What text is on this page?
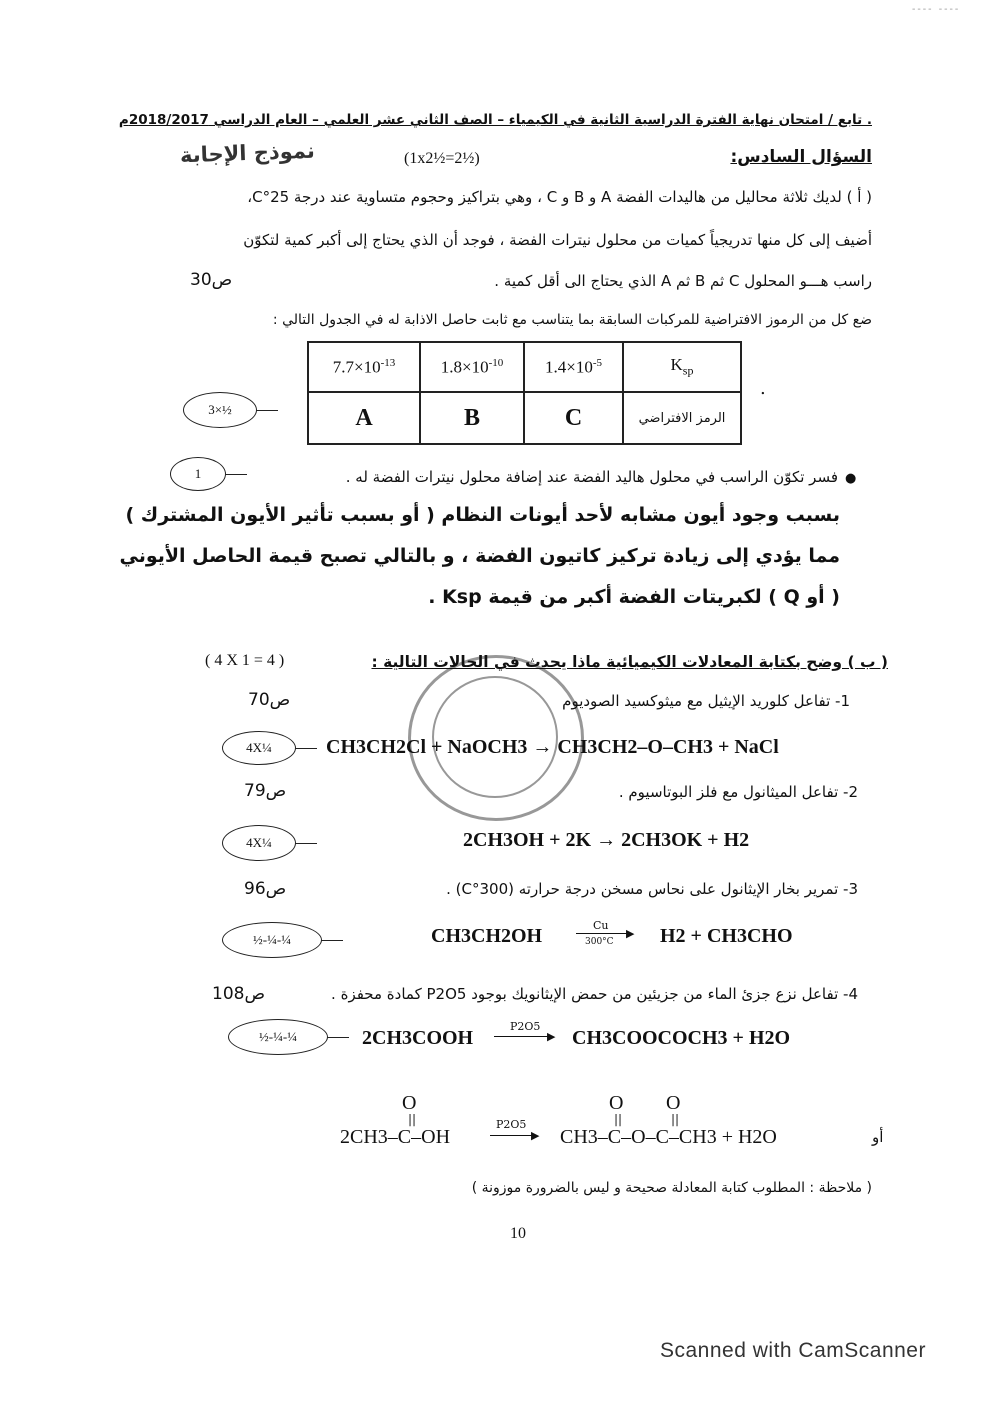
---- ----
. تابع / امتحان نهاية الفترة الدراسية الثانية في الكيمياء – الصف الثاني عشر العلمي – العام الدراسي 2018/2017م
نموذج الإجابة	(1x2½=2½)	السؤال السادس:
( أ ) لديك ثلاثة محاليل من هاليدات الفضة A و B و C ، وهي بتراكيز وحجوم متساوية عند درجة 25°C،
أضيف إلى كل منها تدريجياً كميات من محلول نيترات الفضة ، فوجد أن الذي يحتاج إلى أكبر كمية لتكوّن
راسب هـــو المحلول C ثم B ثم A الذي يحتاج الى أقل كمية .
ص30
ضع كل من الرموز الافتراضية للمركبات السابقة بما يتناسب مع ثابت حاصل الاذابة له في الجدول التالي :
$7.7\times 10^{-13}$	$1.8\times 10^{-10}$	$1.4\times 10^{-5}$	$K_{sp}$
A	B	C	الرمز الافتراضي
.
3×½
1	●
فسر تكوّن الراسب في محلول هاليد الفضة عند إضافة محلول نيترات الفضة له .
بسبب وجود أيون مشابه لأحد أيونات النظام ( أو بسبب تأثير الأيون المشترك )
مما يؤدي إلى زيادة تركيز كاتيون الفضة ، و بالتالي تصبح قيمة الحاصل الأيوني
( أو Q ) لكبريتات الفضة أكبر من قيمة Ksp .
( 4 X 1 = 4 )	( ب ) وضح بكتابة المعادلات الكيميائية ماذا يحدث في الحالات التالية :
1- تفاعل كلوريد الإيثيل مع ميثوكسيد الصوديوم
ص70
4X¼	CH3CH2Cl + NaOCH3 → CH3CH2–O–CH3 + NaCl
2- تفاعل الميثانول مع فلز البوتاسيوم .
ص79
4X¼	2CH3OH + 2K → 2CH3OK + H2
3- تمرير بخار الإيثانول على نحاس مسخن درجة حرارته (300°C) .
ص96
½-¼-¼	CH3CH2OH	Cu
▶
300°C H2 + CH3CHO
4- تفاعل نزع جزئ الماء من جزيئين من حمض الإيثانويك بوجود P2O5 كمادة محفزة .
ص108
½-¼-¼	2CH3COOH
P2O5
▶ CH3COOCOCH3 + H2O
O
||
2CH3–C–OH
P2O5
▶
O
||
O
||
CH3–C–O–C–CH3 + H2O	أو
( ملاحظة : المطلوب كتابة المعادلة صحيحة و ليس بالضرورة موزونة )
10
Scanned with CamScanner
